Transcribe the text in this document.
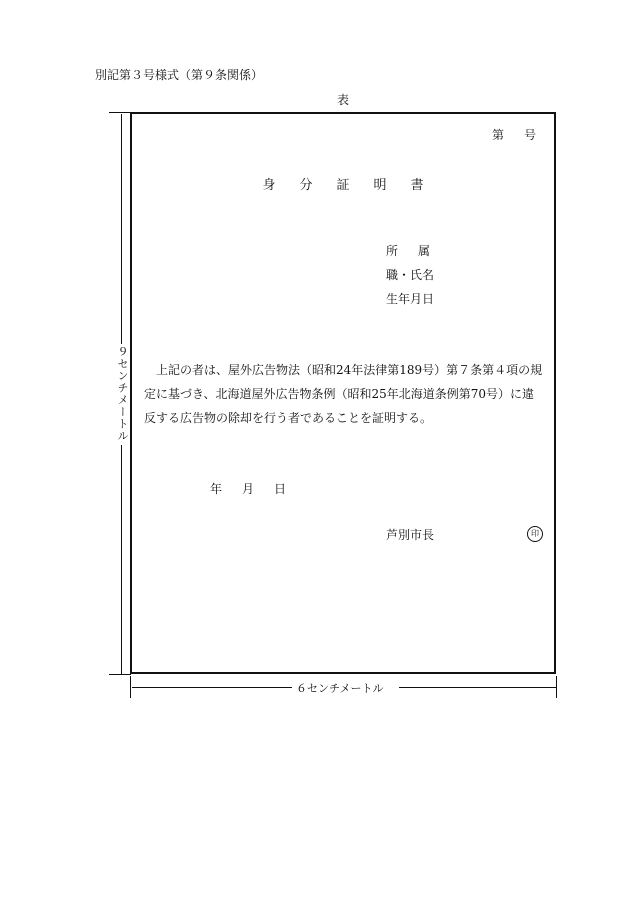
別記第３号様式（第９条関係）
表
第号
身分証明書
所属
職・氏名
生年月日
上記の者は、屋外広告物法（昭和24年法律第189号）第７条第４項の規定に基づき、北海道屋外広告物条例（昭和25年北海道条例第70号）に違反する広告物の除却を行う者であることを証明する。
年月日
芦別市長	印
９センチメートル
６センチメートル
